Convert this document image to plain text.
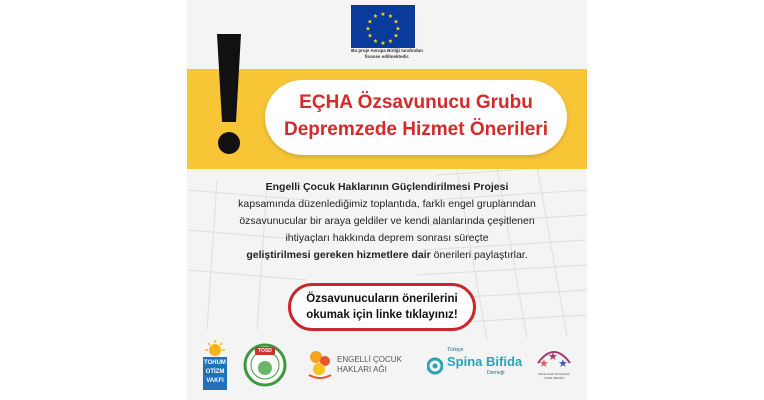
★ ★
★
★
★
★
★
★
★
★
★
★
Bu proje Avrupa Birliği tarafından
finanse edilmektedir.
EÇHA Özsavunucu Grubu
Depremzede Hizmet Önerileri
Engelli Çocuk Haklarının Güçlendirilmesi Projesi
kapsamında düzenlediğimiz toplantıda, farklı engel gruplarından
özsavunucular bir araya geldiler ve kendi alanlarında çeşitlenen
ihtiyaçları hakkında deprem sonrası süreçte
geliştirilmesi gereken hizmetlere dair önerileri paylaştırlar.
Özsavunucuların önerilerini
okumak için linke tıklayınız!
TOHUM
OTİZM
VAKFI
TOSD
ENGELLİ ÇOCUK
HAKLARI AĞI
Türkiye
Spina Bifida
Derneği
★
★
★
ENGELLİLER VE AİLELERİ
YAŞAM DERNEĞİ
